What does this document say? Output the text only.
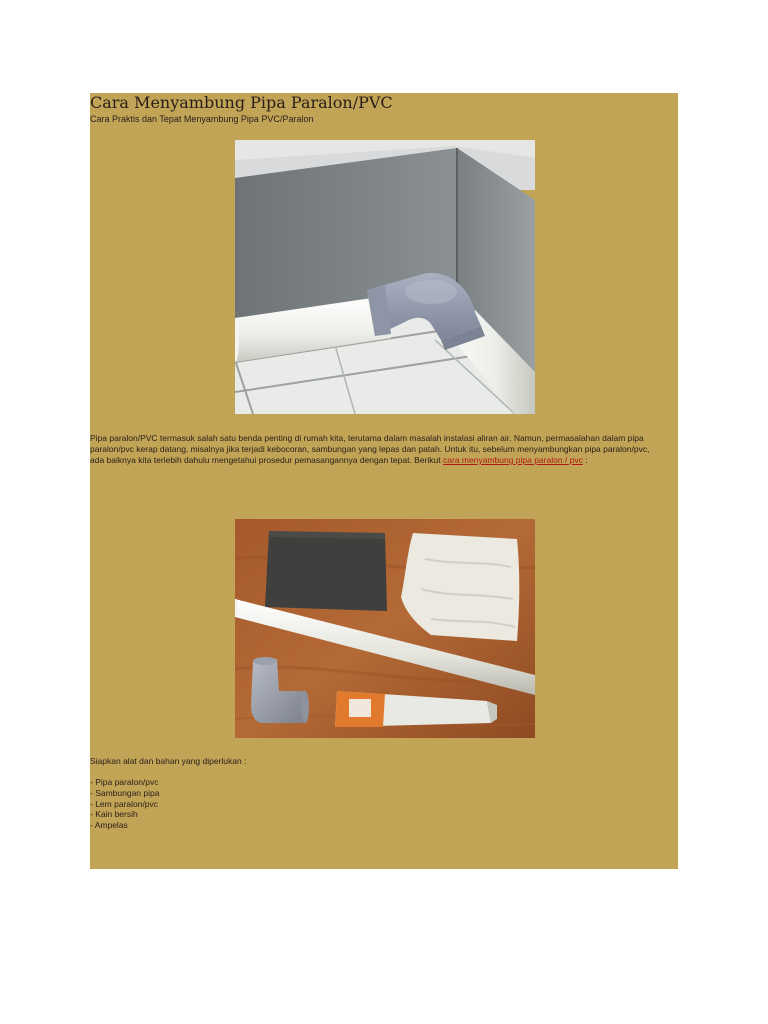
Cara Menyambung Pipa Paralon/PVC
Cara Praktis dan Tepat Menyambung Pipa PVC/Paralon

Pipa paralon/PVC termasuk salah satu benda penting di rumah kita, terutama dalam masalah instalasi aliran air. Namun, permasalahan dalam pipa
paralon/pvc kerap datang, misalnya jika terjadi kebocoran, sambungan yang lepas dan patah. Untuk itu, sebelum menyambungkan pipa paralon/pvc,
ada baiknya kita terlebih dahulu mengetahui prosedur pemasangannya dengan tepat. Berikut cara menyambung pipa paralon / pvc :

Siapkan alat dan bahan yang diperlukan :
- Pipa paralon/pvc
- Sambungan pipa
- Lem paralon/pvc
- Kain bersih
- Ampelas
